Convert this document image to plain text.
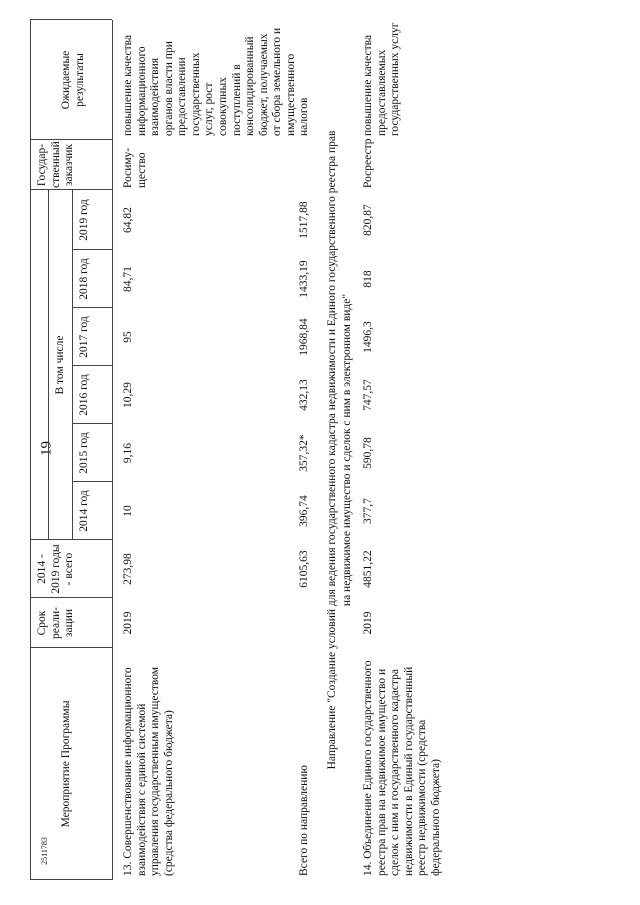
19
2511783
Мероприятие Программы
Срок реали-зации
2014 - 2019 годы - всего
В том числе
2014 год
2015 год
2016 год
2017 год
2018 год
2019 год
Государ-ственный заказчик
Ожидаемые результаты
13. Совершенствование информационного взаимодействия с единой системой управления государственным имуществом (средства федерального бюджета)
2019
273,98
10
9,16
10,29
95
84,71
64,82
Росиму-щество
повышение качества информационного взаимодействия органов власти при предоставлении государственных услуг, рост совокупных поступлений в консолидированный бюджет, получаемых от сбора земельного и имущественного налогов
Всего по направлению
6105,63
396,74
357,32*
432,13
1968,84
1433,19
1517,88 Направление "Создание условий для ведения государственного кадастра недвижимости и Единого государственного реестра прав на недвижимое имущество и сделок с ним в электронном виде"
14. Объединение Единого государственного реестра прав на недвижимое имущество и сделок с ним и государственного кадастра недвижимости в Единый государственный реестр недвижимости (средства федерального бюджета)
2019
4851,22
377,7
590,78
747,57
1496,3
818
820,87
Росреестр
повышение качества предоставляемых государственных услуг
